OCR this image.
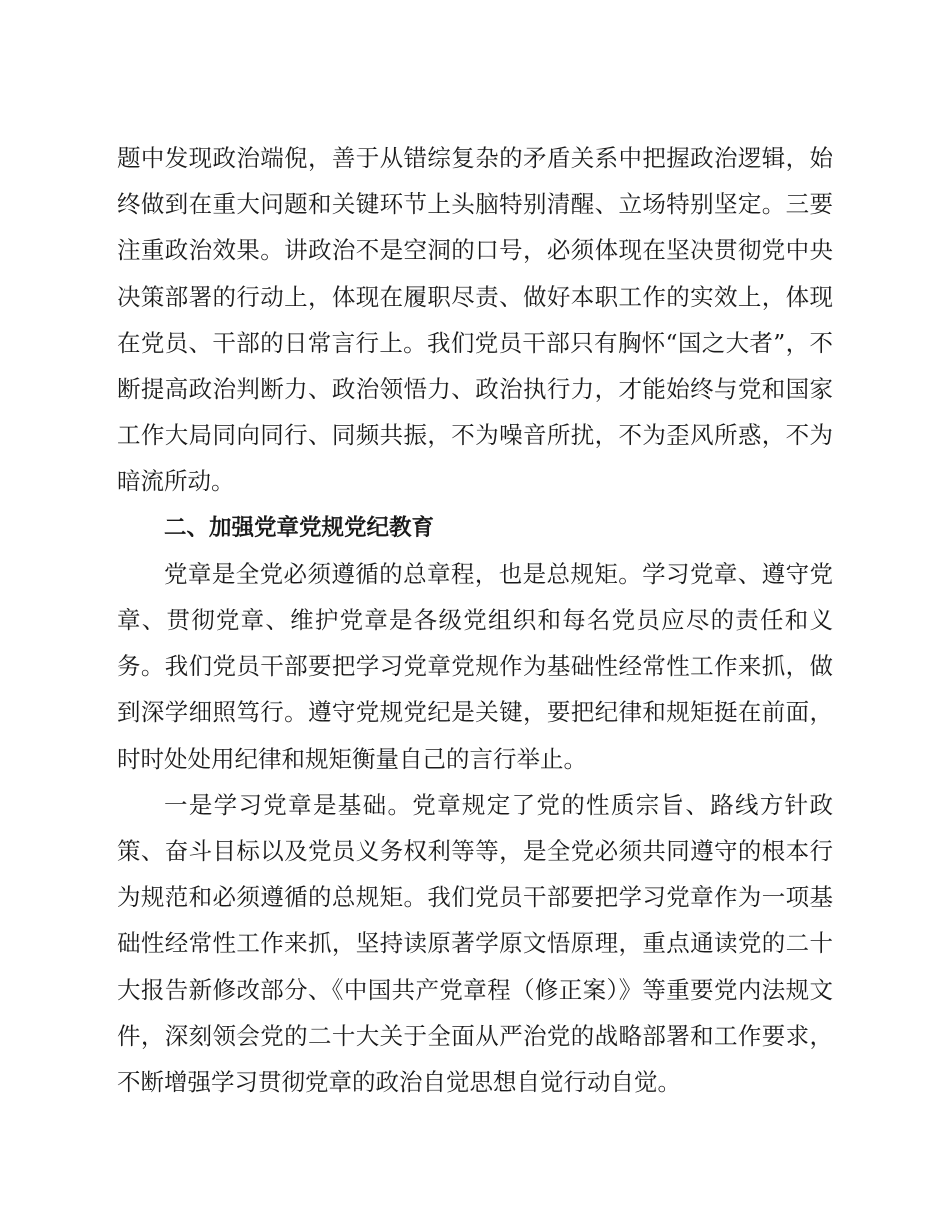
题中发现政治端倪，善于从错综复杂的矛盾关系中把握政治逻辑，始终做到在重大问题和关键环节上头脑特别清醒、立场特别坚定。三要注重政治效果。讲政治不是空洞的口号，必须体现在坚决贯彻党中央决策部署的行动上，体现在履职尽责、做好本职工作的实效上，体现在党员、干部的日常言行上。我们党员干部只有胸怀“国之大者”，不断提高政治判断力、政治领悟力、政治执行力，才能始终与党和国家工作大局同向同行、同频共振，不为噪音所扰，不为歪风所惑，不为暗流所动。

二、加强党章党规党纪教育

党章是全党必须遵循的总章程，也是总规矩。学习党章、遵守党章、贯彻党章、维护党章是各级党组织和每名党员应尽的责任和义务。我们党员干部要把学习党章党规作为基础性经常性工作来抓，做到深学细照笃行。遵守党规党纪是关键，要把纪律和规矩挺在前面，时时处处用纪律和规矩衡量自己的言行举止。

一是学习党章是基础。党章规定了党的性质宗旨、路线方针政策、奋斗目标以及党员义务权利等等，是全党必须共同遵守的根本行为规范和必须遵循的总规矩。我们党员干部要把学习党章作为一项基础性经常性工作来抓，坚持读原著学原文悟原理，重点通读党的二十大报告新修改部分、《中国共产党章程（修正案）》等重要党内法规文件，深刻领会党的二十大关于全面从严治党的战略部署和工作要求，不断增强学习贯彻党章的政治自觉思想自觉行动自觉。
